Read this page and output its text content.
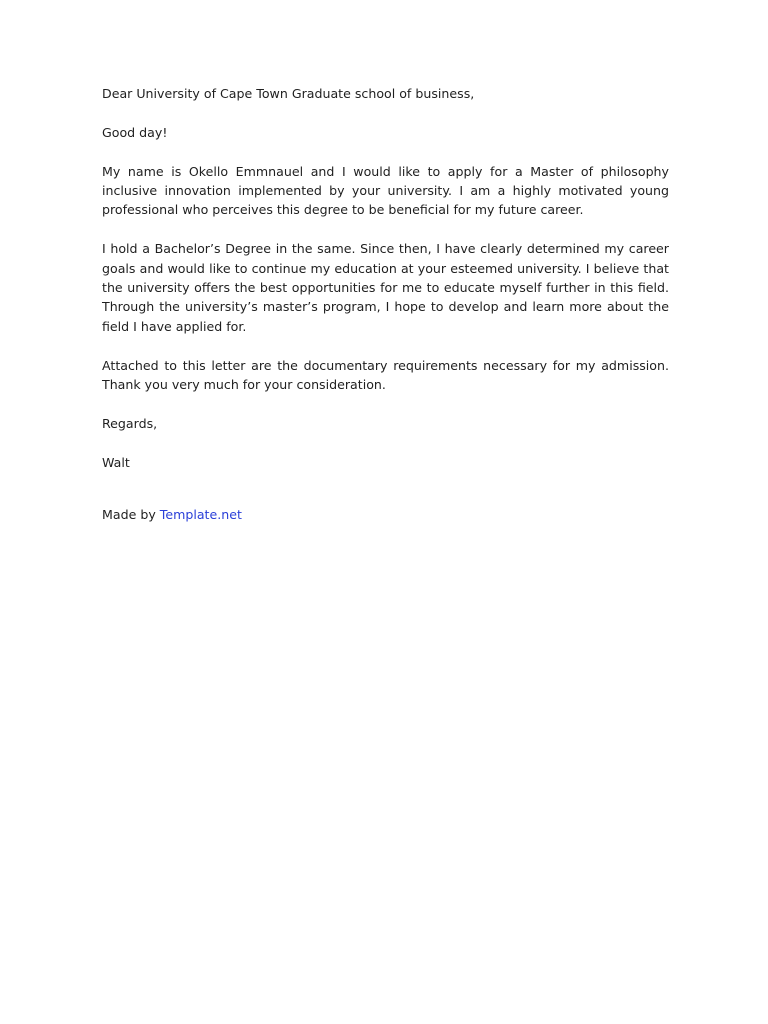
Dear University of Cape Town Graduate school of business,

Good day!

My name is Okello Emmnauel and I would like to apply for a Master of philosophy inclusive innovation implemented by your university. I am a highly motivated young professional who perceives this degree to be beneficial for my future career.

I hold a Bachelor’s Degree in the same. Since then, I have clearly determined my career goals and would like to continue my education at your esteemed university. I believe that the university offers the best opportunities for me to educate myself further in this field. Through the university’s master’s program, I hope to develop and learn more about the field I have applied for.

Attached to this letter are the documentary requirements necessary for my admission. Thank you very much for your consideration.

Regards,

Walt

Made by Template.net
